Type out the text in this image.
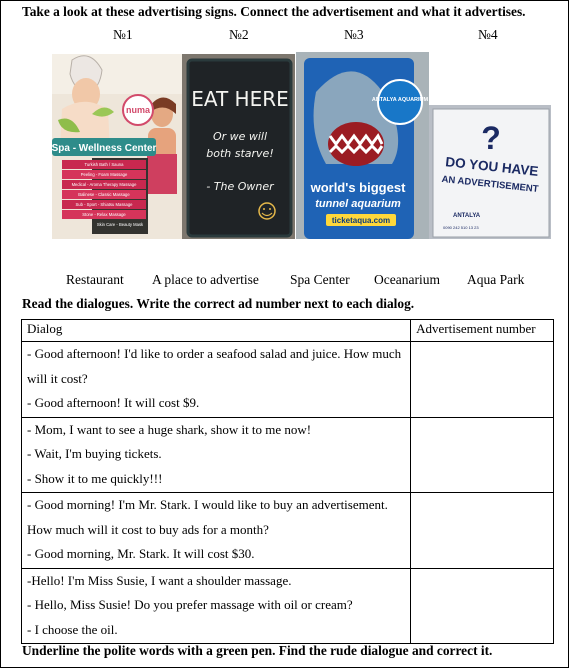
Take a look at these advertising signs. Connect the advertisement and what it advertises.
№1	№2	№3	№4
numa
Spa - Wellness Center
Turkish Bath / Sauna
Peeling - Foam Massage
Medical - Aroma Therapy Massage
Balinese - Classic Massage
Sub - Sport - Shiatsu Massage
Stone - Relax Massage
Skin Care - Beauty Mask
EAT HERE
Or we will
both starve!
- The Owner
ANTALYA AQUARIUM
world's biggest
tunnel aquarium
ticketaqua.com
?
DO YOU HAVE
AN ADVERTISEMENT
ANTALYA
0090 242 510 13 23
Restaurant A place to advertise Spa Center Oceanarium Aqua Park
Read the dialogues. Write the correct ad number next to each dialog.
Dialog	Advertisement number

- Good afternoon! I'd like to order a seafood salad and juice. How much will it cost?
- Good afternoon! It will cost $9.	

- Mom, I want to see a huge shark, show it to me now!
- Wait, I'm buying tickets.
- Show it to me quickly!!!	

- Good morning! I'm Mr. Stark. I would like to buy an advertisement. How much will it cost to buy ads for a month?
- Good morning, Mr. Stark. It will cost $30.	

-Hello! I'm Miss Susie, I want a shoulder massage.
- Hello, Miss Susie! Do you prefer massage with oil or cream?
- I choose the oil.	

Underline the polite words with a green pen. Find the rude dialogue and correct it.
